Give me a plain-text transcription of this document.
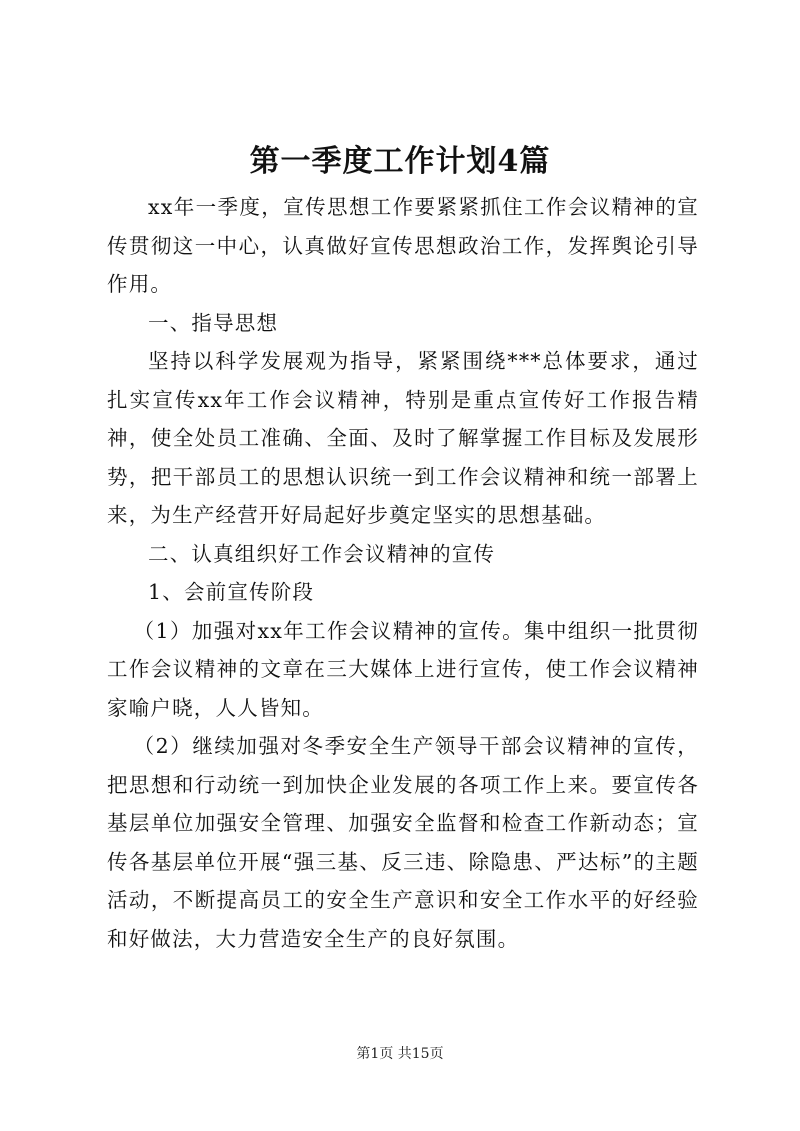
第一季度工作计划4篇

xx年一季度，宣传思想工作要紧紧抓住工作会议精神的宣传贯彻这一中心，认真做好宣传思想政治工作，发挥舆论引导作用。

一、指导思想

坚持以科学发展观为指导，紧紧围绕***总体要求，通过扎实宣传xx年工作会议精神，特别是重点宣传好工作报告精神，使全处员工准确、全面、及时了解掌握工作目标及发展形势，把干部员工的思想认识统一到工作会议精神和统一部署上来，为生产经营开好局起好步奠定坚实的思想基础。

二、认真组织好工作会议精神的宣传

1、会前宣传阶段

（1）加强对xx年工作会议精神的宣传。集中组织一批贯彻工作会议精神的文章在三大媒体上进行宣传，使工作会议精神家喻户晓，人人皆知。

（2）继续加强对冬季安全生产领导干部会议精神的宣传，把思想和行动统一到加快企业发展的各项工作上来。要宣传各基层单位加强安全管理、加强安全监督和检查工作新动态；宣传各基层单位开展“强三基、反三违、除隐患、严达标”的主题活动，不断提高员工的安全生产意识和安全工作水平的好经验和好做法，大力营造安全生产的良好氛围。

第1页 共15页
